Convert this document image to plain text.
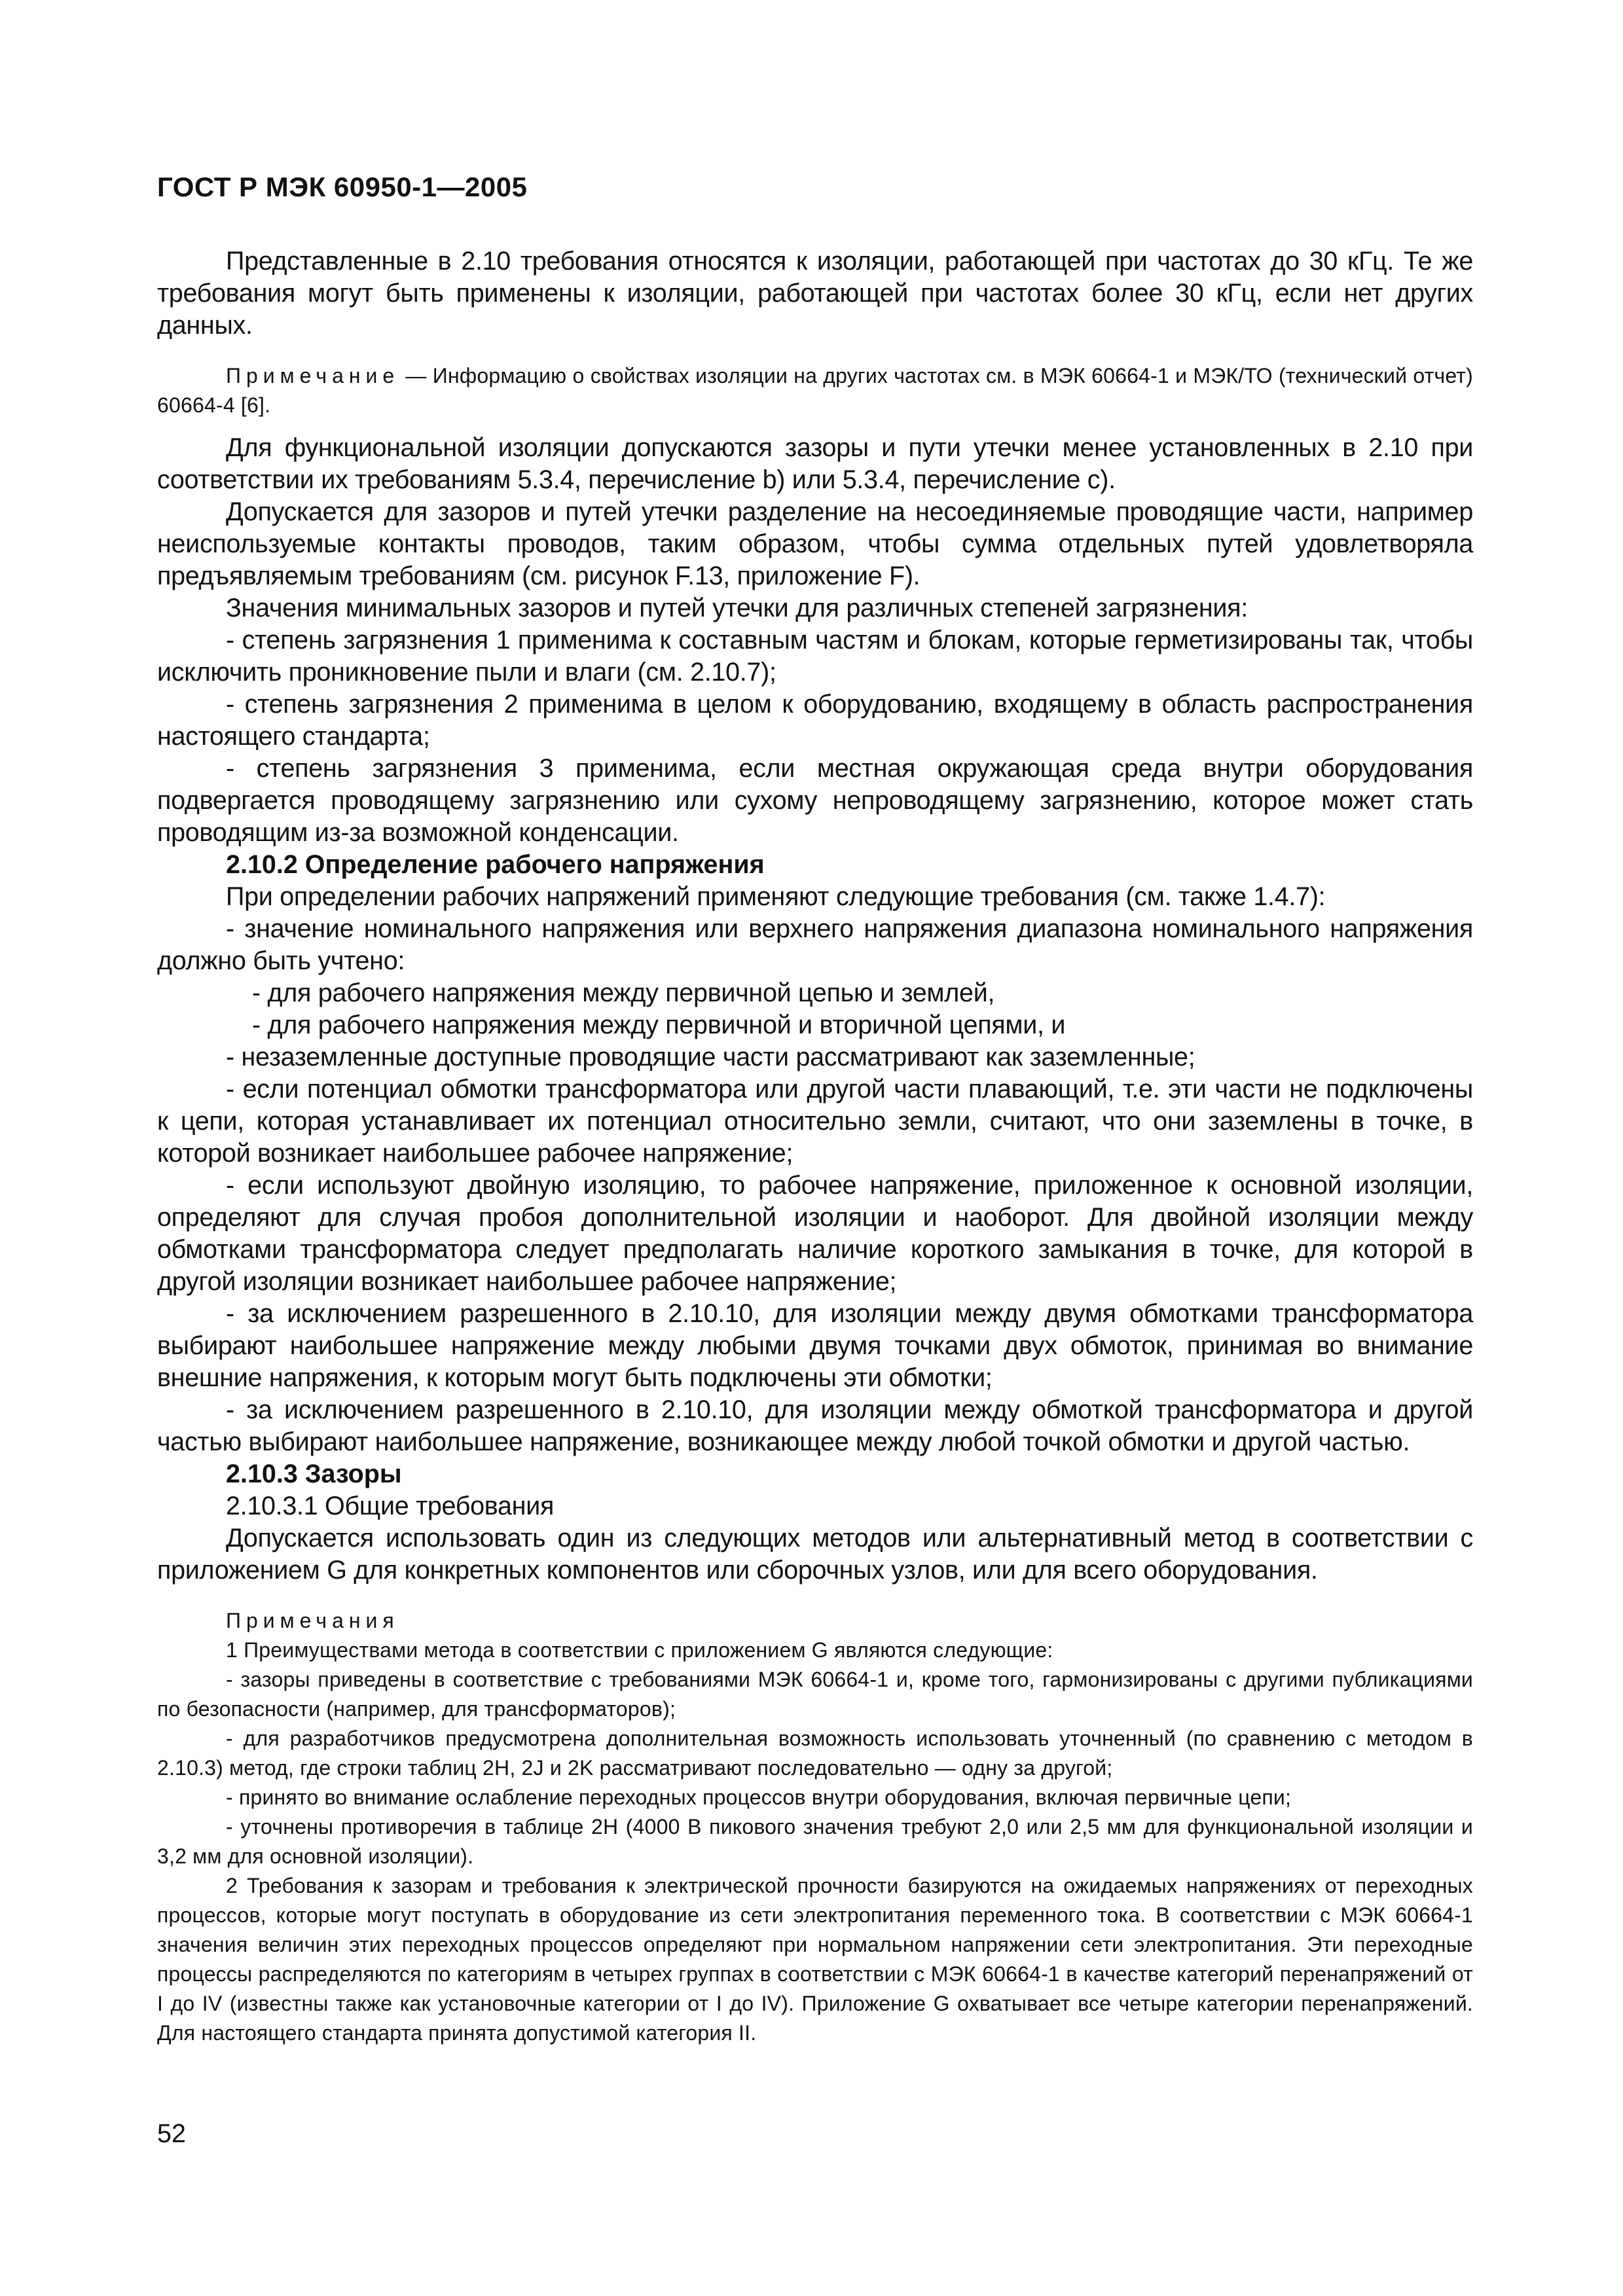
ГОСТ Р МЭК 60950-1—2005

Представленные в 2.10 требования относятся к изоляции, работающей при частотах до 30 кГц. Те же требования могут быть применены к изоляции, работающей при частотах более 30 кГц, если нет других данных.

Примечание — Информацию о свойствах изоляции на других частотах см. в МЭК 60664-1 и МЭК/ТО (технический отчет) 60664-4 [6].

Для функциональной изоляции допускаются зазоры и пути утечки менее установленных в 2.10 при соответствии их требованиям 5.3.4, перечисление b) или 5.3.4, перечисление с).

Допускается для зазоров и путей утечки разделение на несоединяемые проводящие части, например неиспользуемые контакты проводов, таким образом, чтобы сумма отдельных путей удовлетворяла предъявляемым требованиям (см. рисунок F.13, приложение F).

Значения минимальных зазоров и путей утечки для различных степеней загрязнения:

- степень загрязнения 1 применима к составным частям и блокам, которые герметизированы так, чтобы исключить проникновение пыли и влаги (см. 2.10.7);

- степень загрязнения 2 применима в целом к оборудованию, входящему в область распространения настоящего стандарта;

- степень загрязнения 3 применима, если местная окружающая среда внутри оборудования подвергается проводящему загрязнению или сухому непроводящему загрязнению, которое может стать проводящим из-за возможной конденсации.

2.10.2 Определение рабочего напряжения

При определении рабочих напряжений применяют следующие требования (см. также 1.4.7):

- значение номинального напряжения или верхнего напряжения диапазона номинального напряжения должно быть учтено:

- для рабочего напряжения между первичной цепью и землей,

- для рабочего напряжения между первичной и вторичной цепями, и

- незаземленные доступные проводящие части рассматривают как заземленные;

- если потенциал обмотки трансформатора или другой части плавающий, т.е. эти части не подключены к цепи, которая устанавливает их потенциал относительно земли, считают, что они заземлены в точке, в которой возникает наибольшее рабочее напряжение;

- если используют двойную изоляцию, то рабочее напряжение, приложенное к основной изоляции, определяют для случая пробоя дополнительной изоляции и наоборот. Для двойной изоляции между обмотками трансформатора следует предполагать наличие короткого замыкания в точке, для которой в другой изоляции возникает наибольшее рабочее напряжение;

- за исключением разрешенного в 2.10.10, для изоляции между двумя обмотками трансформатора выбирают наибольшее напряжение между любыми двумя точками двух обмоток, принимая во внимание внешние напряжения, к которым могут быть подключены эти обмотки;

- за исключением разрешенного в 2.10.10, для изоляции между обмоткой трансформатора и другой частью выбирают наибольшее напряжение, возникающее между любой точкой обмотки и другой частью.

2.10.3 Зазоры

2.10.3.1 Общие требования

Допускается использовать один из следующих методов или альтернативный метод в соответствии с приложением G для конкретных компонентов или сборочных узлов, или для всего оборудования.

Примечания

1 Преимуществами метода в соответствии с приложением G являются следующие:

- зазоры приведены в соответствие с требованиями МЭК 60664-1 и, кроме того, гармонизированы с другими публикациями по безопасности (например, для трансформаторов);

- для разработчиков предусмотрена дополнительная возможность использовать уточненный (по сравнению с методом в 2.10.3) метод, где строки таблиц 2H, 2J и 2K рассматривают последовательно — одну за другой;

- принято во внимание ослабление переходных процессов внутри оборудования, включая первичные цепи;

- уточнены противоречия в таблице 2H (4000 В пикового значения требуют 2,0 или 2,5 мм для функциональной изоляции и 3,2 мм для основной изоляции).

2 Требования к зазорам и требования к электрической прочности базируются на ожидаемых напряжениях от переходных процессов, которые могут поступать в оборудование из сети электропитания переменного тока. В соответствии с МЭК 60664-1 значения величин этих переходных процессов определяют при нормальном напряжении сети электропитания. Эти переходные процессы распределяются по категориям в четырех группах в соответствии с МЭК 60664-1 в качестве категорий перенапряжений от I до IV (известны также как установочные категории от I до IV). Приложение G охватывает все четыре категории перенапряжений. Для настоящего стандарта принята допустимой категория II.

52
